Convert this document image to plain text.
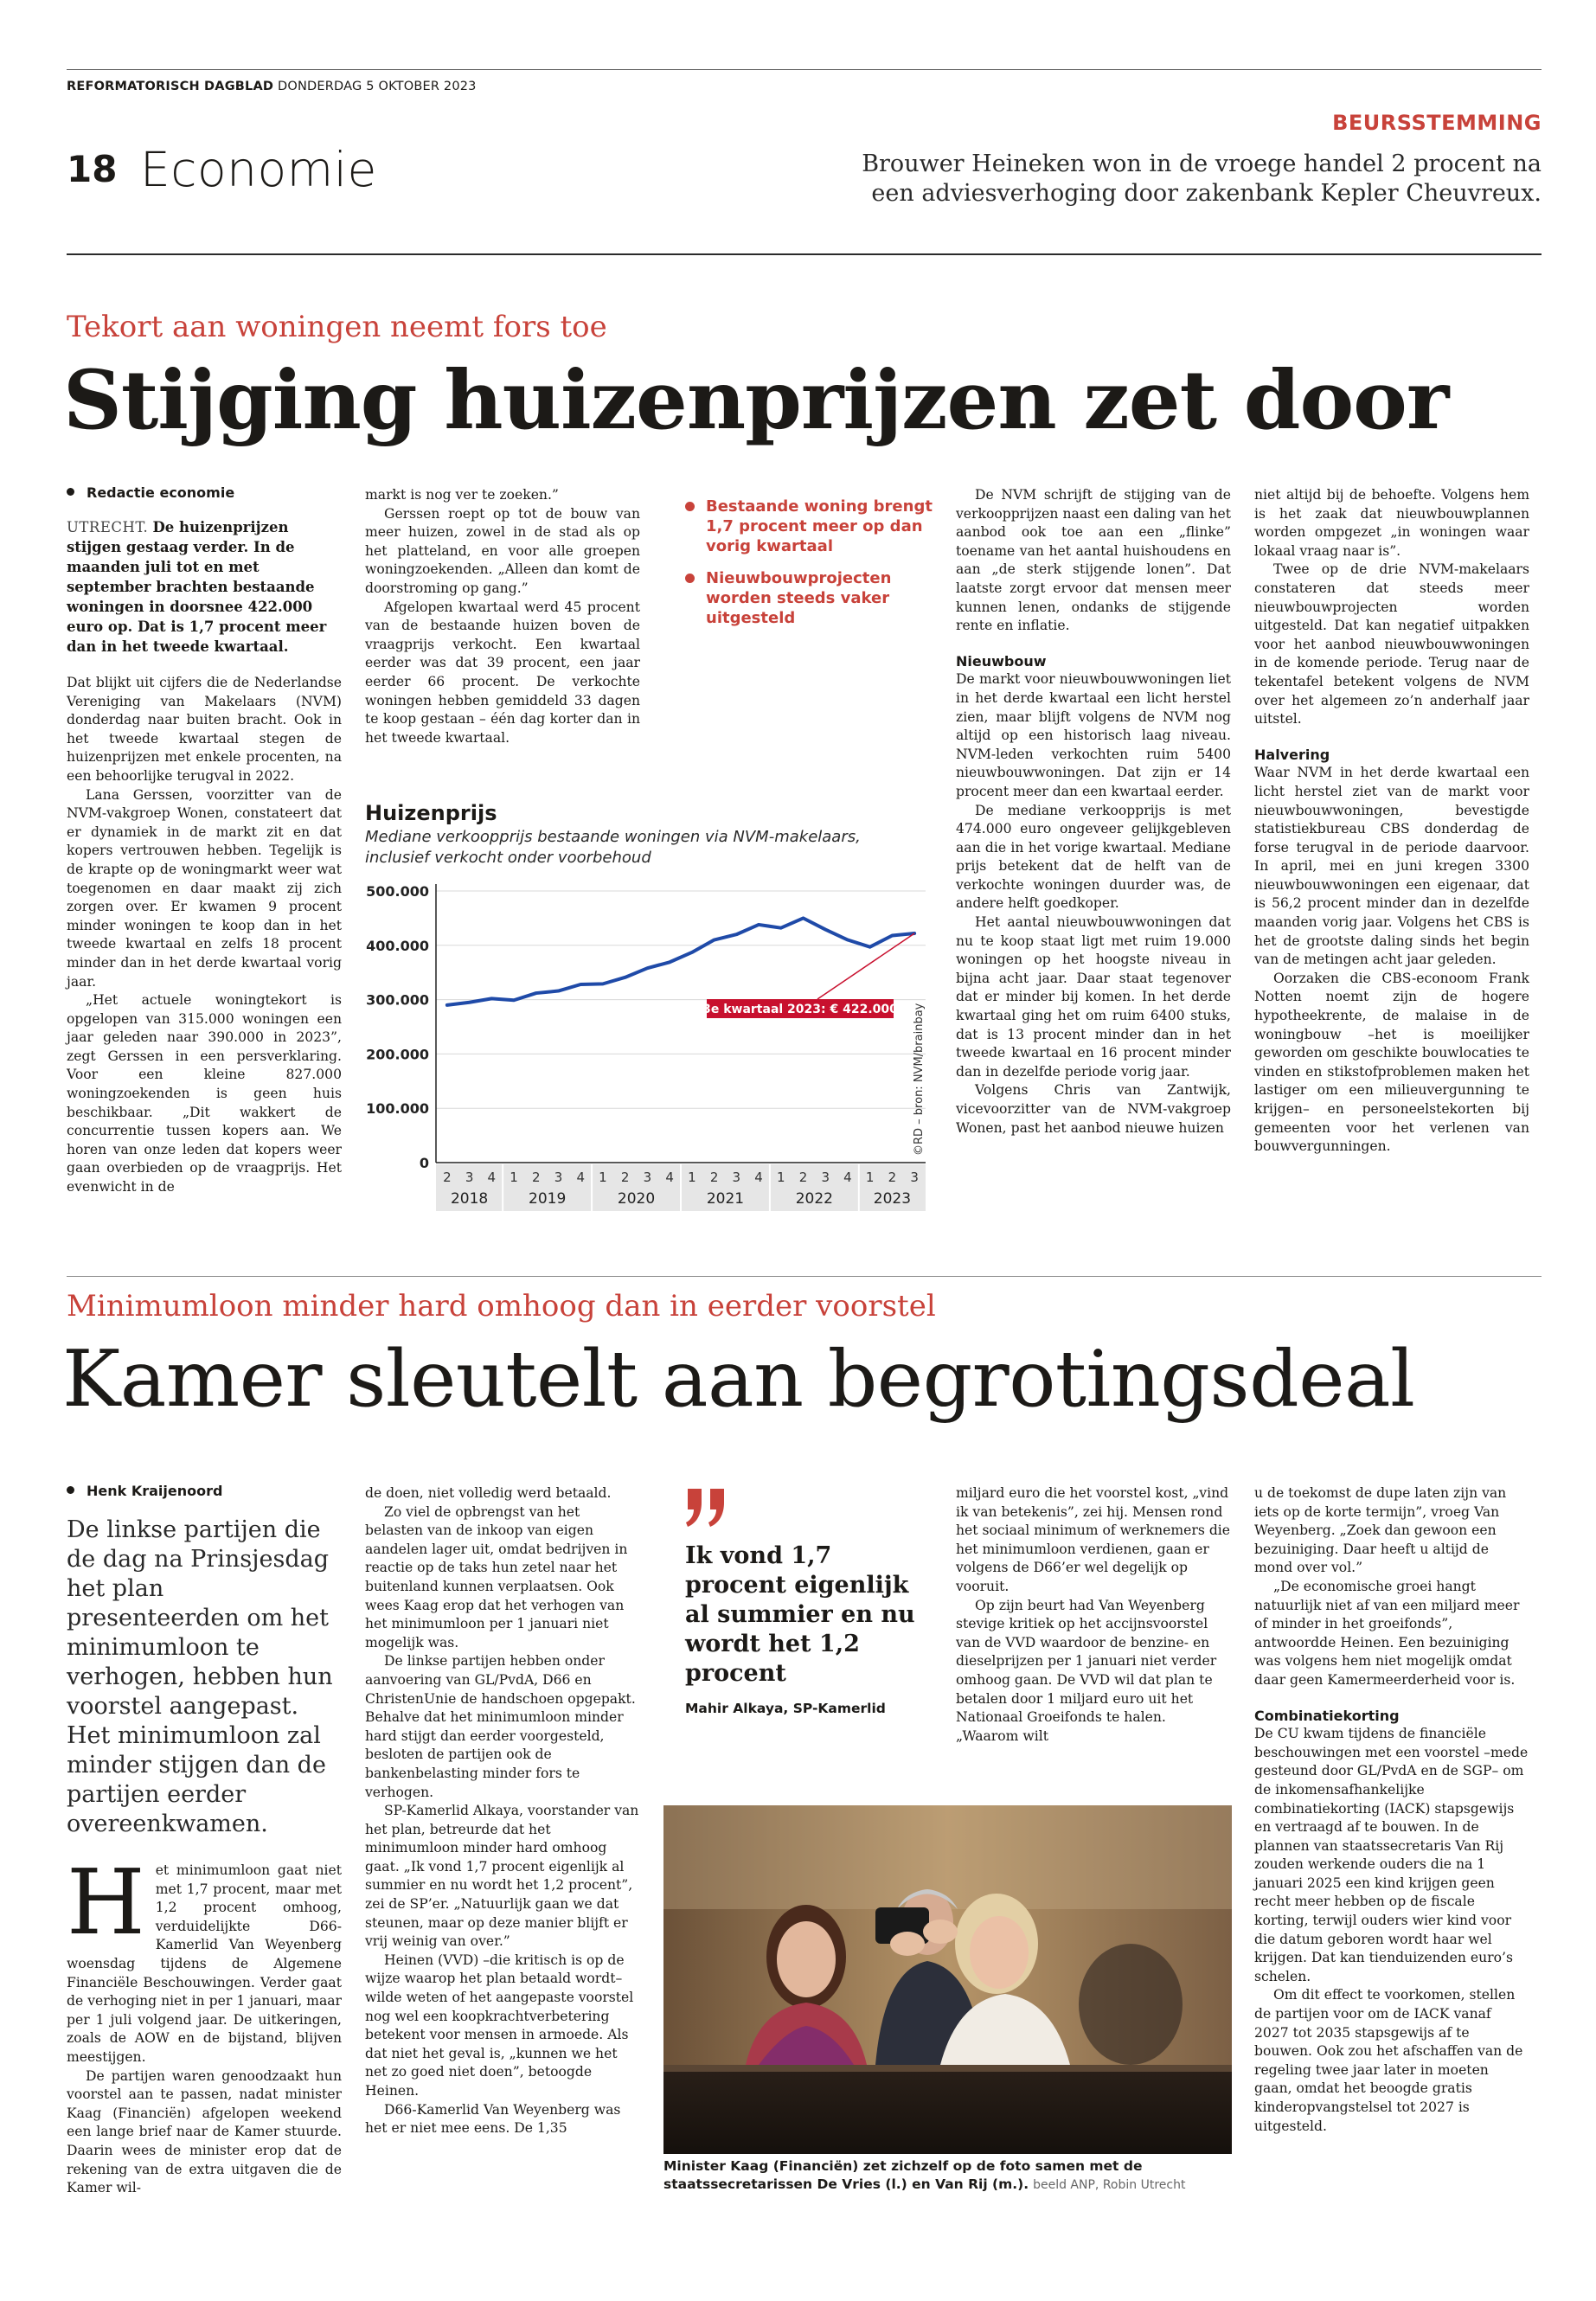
REFORMATORISCH DAGBLAD DONDERDAG 5 OKTOBER 2023
18 Economie
BEURSSTEMMING
Brouwer Heineken won in de vroege handel 2 procent na
een adviesverhoging door zakenbank Kepler Cheuvreux.
Tekort aan woningen neemt fors toe
Stijging huizenprijzen zet door
Redactie economie

UTRECHT. De huizenprijzen stijgen gestaag verder. In de maanden juli tot en met september brachten bestaande woningen in doorsnee 422.000 euro op. Dat is 1,7 procent meer dan in het tweede kwartaal.

Dat blijkt uit cijfers die de Nederlandse Vereniging van Makelaars (NVM) donderdag naar buiten bracht. Ook in het tweede kwartaal stegen de huizenprijzen met enkele procenten, na een behoorlijke terugval in 2022.

Lana Gerssen, voorzitter van de NVM-vakgroep Wonen, constateert dat er dynamiek in de markt zit en dat kopers vertrouwen hebben. Tegelijk is de krapte op de woningmarkt weer wat toegenomen en daar maakt zij zich zorgen over. Er kwamen 9 procent minder woningen te koop dan in het tweede kwartaal en zelfs 18 procent minder dan in het derde kwartaal vorig jaar.

„Het actuele woningtekort is opgelopen van 315.000 woningen een jaar geleden naar 390.000 in 2023”, zegt Gerssen in een persverklaring. Voor een kleine 827.000 woningzoekenden is geen huis beschikbaar. „Dit wakkert de concurrentie tussen kopers aan. We horen van onze leden dat kopers weer gaan overbieden op de vraagprijs. Het evenwicht in de

markt is nog ver te zoeken.”

Gerssen roept op tot de bouw van meer huizen, zowel in de stad als op het platteland, en voor alle groepen woningzoekenden. „Alleen dan komt de doorstroming op gang.”

Afgelopen kwartaal werd 45 procent van de bestaande huizen boven de vraagprijs verkocht. Een kwartaal eerder was dat 39 procent, een jaar eerder 66 procent. De verkochte woningen hebben gemiddeld 33 dagen te koop gestaan – één dag korter dan in het tweede kwartaal.

Bestaande woning brengt 1,7 procent meer op dan vorig kwartaal
Nieuwbouwprojecten worden steeds vaker uitgesteld
Huizenprijs
Mediane verkoopprijs bestaande woningen via NVM-makelaars,
inclusief verkocht onder voorbehoud
500.000
400.000
300.000
200.000
100.000
0
2 3 4 1 2 3 4 1 2 3 4 1 2 3 4 1 2 3 4 1 2 3
2018	2019	2020	2021	2022	2023
3e kwartaal 2023: € 422.000 ©RD – bron: NVM/brainbay

De NVM schrijft de stijging van de verkoopprijzen naast een daling van het aanbod ook toe aan een „flinke” toename van het aantal huishoudens en aan „de sterk stijgende lonen”. Dat laatste zorgt ervoor dat mensen meer kunnen lenen, ondanks de stijgende rente en inflatie.

Nieuwbouw

De markt voor nieuwbouwwoningen liet in het derde kwartaal een licht herstel zien, maar blijft volgens de NVM nog altijd op een historisch laag niveau. NVM-leden verkochten ruim 5400 nieuwbouwwoningen. Dat zijn er 14 procent meer dan een kwartaal eerder.

De mediane verkoopprijs is met 474.000 euro ongeveer gelijkgebleven aan die in het vorige kwartaal. Mediane prijs betekent dat de helft van de verkochte woningen duurder was, de andere helft goedkoper.

Het aantal nieuwbouwwoningen dat nu te koop staat ligt met ruim 19.000 woningen op het hoogste niveau in bijna acht jaar. Daar staat tegenover dat er minder bij komen. In het derde kwartaal ging het om ruim 6400 stuks, dat is 13 procent minder dan in het tweede kwartaal en 16 procent minder dan in dezelfde periode vorig jaar.

Volgens Chris van Zantwijk, vicevoorzitter van de NVM-vakgroep Wonen, past het aanbod nieuwe huizen

niet altijd bij de behoefte. Volgens hem is het zaak dat nieuwbouwplannen worden ompgezet „in woningen waar lokaal vraag naar is”.

Twee op de drie NVM-makelaars constateren dat steeds meer nieuwbouwprojecten worden uitgesteld. Dat kan negatief uitpakken voor het aanbod nieuwbouwwoningen in de komende periode. Terug naar de tekentafel betekent volgens de NVM over het algemeen zo’n anderhalf jaar uitstel.

Halvering

Waar NVM in het derde kwartaal een licht herstel ziet van de markt voor nieuwbouwwoningen, bevestigde statistiekbureau CBS donderdag de forse terugval in de periode daarvoor. In april, mei en juni kregen 3300 nieuwbouwwoningen een eigenaar, dat is 56,2 procent minder dan in dezelfde maanden vorig jaar. Volgens het CBS is het de grootste daling sinds het begin van de metingen acht jaar geleden.

Oorzaken die CBS-econoom Frank Notten noemt zijn de hogere hypotheekrente, de malaise in de woningbouw –het is moeilijker geworden om geschikte bouwlocaties te vinden en stikstofproblemen maken het lastiger om een milieuvergunning te krijgen– en personeelstekorten bij gemeenten voor het verlenen van bouwvergunningen.

Minimumloon minder hard omhoog dan in eerder voorstel
Kamer sleutelt aan begrotingsdeal
Henk Kraijenoord
De linkse partijen die de dag na Prinsjesdag het plan presenteerden om het minimumloon te verhogen, hebben hun voorstel aangepast. Het minimumloon zal minder stijgen dan de partijen eerder overeenkwamen.

Het minimumloon gaat niet met 1,7 procent, maar met 1,2 procent omhoog, verduidelijkte D66-Kamerlid Van Weyenberg woensdag tijdens de Algemene Financiële Beschouwingen. Verder gaat de verhoging niet in per 1 januari, maar per 1 juli volgend jaar. De uitkeringen, zoals de AOW en de bijstand, blijven meestijgen.

De partijen waren genoodzaakt hun voorstel aan te passen, nadat minister Kaag (Financiën) afgelopen weekend een lange brief naar de Kamer stuurde. Daarin wees de minister erop dat de rekening van de extra uitgaven die de Kamer wil-

de doen, niet volledig werd betaald.

Zo viel de opbrengst van het belasten van de inkoop van eigen aandelen lager uit, omdat bedrijven in reactie op de taks hun zetel naar het buitenland kunnen verplaatsen. Ook wees Kaag erop dat het verhogen van het minimumloon per 1 januari niet mogelijk was.

De linkse partijen hebben onder aanvoering van GL/PvdA, D66 en ChristenUnie de handschoen opgepakt. Behalve dat het minimumloon minder hard stijgt dan eerder voorgesteld, besloten de partijen ook de bankenbelasting minder fors te verhogen.

SP-Kamerlid Alkaya, voorstander van het plan, betreurde dat het minimumloon minder hard omhoog gaat. „Ik vond 1,7 procent eigenlijk al summier en nu wordt het 1,2 procent”, zei de SP’er. „Natuurlijk gaan we dat steunen, maar op deze manier blijft er vrij weinig van over.”

Heinen (VVD) –die kritisch is op de wijze waarop het plan betaald wordt– wilde weten of het aangepaste voorstel nog wel een koopkrachtverbetering betekent voor mensen in armoede. Als dat niet het geval is, „kunnen we het net zo goed niet doen”, betoogde Heinen.

D66-Kamerlid Van Weyenberg was het er niet mee eens. De 1,35

Ik vond 1,7 procent eigenlijk al summier en nu wordt het 1,2 procent
Mahir Alkaya, SP-Kamerlid

miljard euro die het voorstel kost, „vind ik van betekenis”, zei hij. Mensen rond het sociaal minimum of werknemers die het minimumloon verdienen, gaan er volgens de D66’er wel degelijk op vooruit.

Op zijn beurt had Van Weyenberg stevige kritiek op het accijnsvoorstel van de VVD waardoor de benzine- en dieselprijzen per 1 januari niet verder omhoog gaan. De VVD wil dat plan te betalen door 1 miljard euro uit het Nationaal Groeifonds te halen. „Waarom wilt

Minister Kaag (Financiën) zet zichzelf op de foto samen met de staatssecretarissen De Vries (l.) en Van Rij (m.). beeld ANP, Robin Utrecht

u de toekomst de dupe laten zijn van iets op de korte termijn”, vroeg Van Weyenberg. „Zoek dan gewoon een bezuiniging. Daar heeft u altijd de mond over vol.”

„De economische groei hangt natuurlijk niet af van een miljard meer of minder in het groeifonds”, antwoordde Heinen. Een bezuiniging was volgens hem niet mogelijk omdat daar geen Kamermeerderheid voor is.

Combinatiekorting

De CU kwam tijdens de financiële beschouwingen met een voorstel –mede gesteund door GL/PvdA en de SGP– om de inkomensafhankelijke combinatiekorting (IACK) stapsgewijs en vertraagd af te bouwen. In de plannen van staatssecretaris Van Rij zouden werkende ouders die na 1 januari 2025 een kind krijgen geen recht meer hebben op de fiscale korting, terwijl ouders wier kind voor die datum geboren wordt haar wel krijgen. Dat kan tienduizenden euro’s schelen.

Om dit effect te voorkomen, stellen de partijen voor om de IACK vanaf 2027 tot 2035 stapsgewijs af te bouwen. Ook zou het afschaffen van de regeling twee jaar later in moeten gaan, omdat het beoogde gratis kinderopvangstelsel tot 2027 is uitgesteld.
